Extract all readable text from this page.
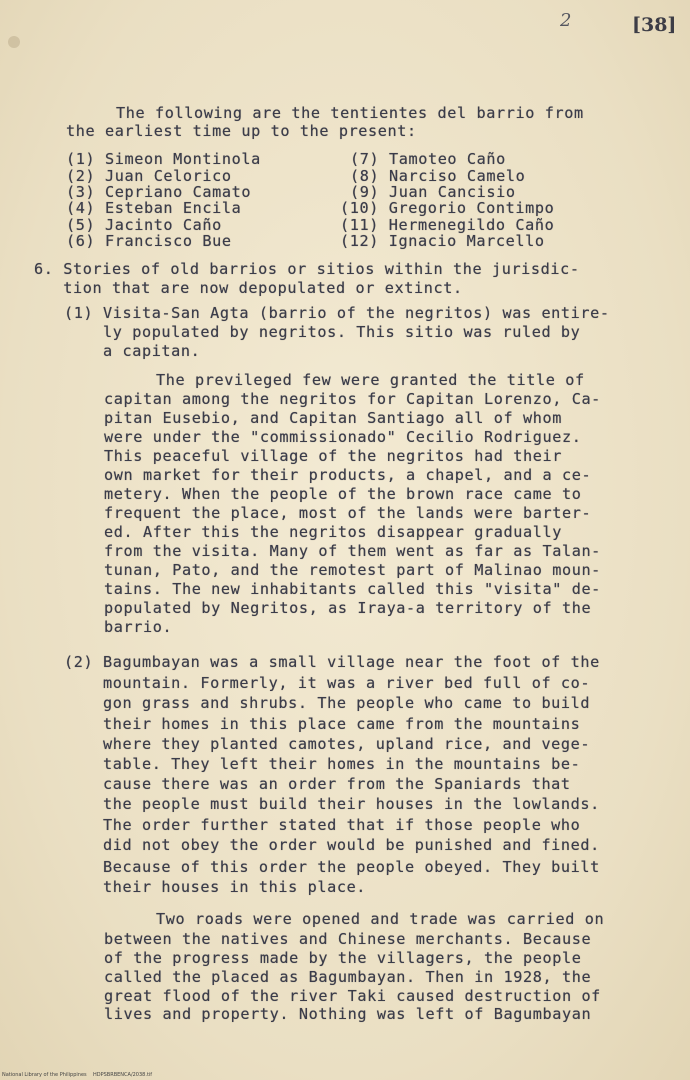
2	[38]
The following are the tentientes del barrio from
the earliest time up to the present:
(1) Simeon Montinola
(2) Juan Celorico
(3) Cepriano Camato
(4) Esteban Encila
(5) Jacinto Caño
(6) Francisco Bue
(7) Tamoteo Caño
(8) Narciso Camelo
(9) Juan Cancisio
(10) Gregorio Contimpo
(11) Hermenegildo Caño
(12) Ignacio Marcello
6. Stories of old barrios or sitios within the jurisdic-
tion that are now depopulated or extinct.
(1) Visita-San Agta (barrio of the negritos) was entire-
ly populated by negritos. This sitio was ruled by
a capitan.
The previleged few were granted the title of
capitan among the negritos for Capitan Lorenzo, Ca-
pitan Eusebio, and Capitan Santiago all of whom
were under the "commissionado" Cecilio Rodriguez.
This peaceful village of the negritos had their
own market for their products, a chapel, and a ce-
metery. When the people of the brown race came to
frequent the place, most of the lands were barter-
ed. After this the negritos disappear gradually
from the visita. Many of them went as far as Talan-
tunan, Pato, and the remotest part of Malinao moun-
tains. The new inhabitants called this "visita" de-
populated by Negritos, as Iraya-a territory of the
barrio.
(2) Bagumbayan was a small village near the foot of the
mountain. Formerly, it was a river bed full of co-
gon grass and shrubs. The people who came to build
their homes in this place came from the mountains
where they planted camotes, upland rice, and vege-
table. They left their homes in the mountains be-
cause there was an order from the Spaniards that
the people must build their houses in the lowlands.
The order further stated that if those people who
did not obey the order would be punished and fined.
Because of this order the people obeyed. They built
their houses in this place.
Two roads were opened and trade was carried on
between the natives and Chinese merchants. Because
of the progress made by the villagers, the people
called the placed as Bagumbayan. Then in 1928, the
great flood of the river Taki caused destruction of
lives and property. Nothing was left of Bagumbayan
National Library of the Philippines    HDPSBRBENCA/2038.tif
